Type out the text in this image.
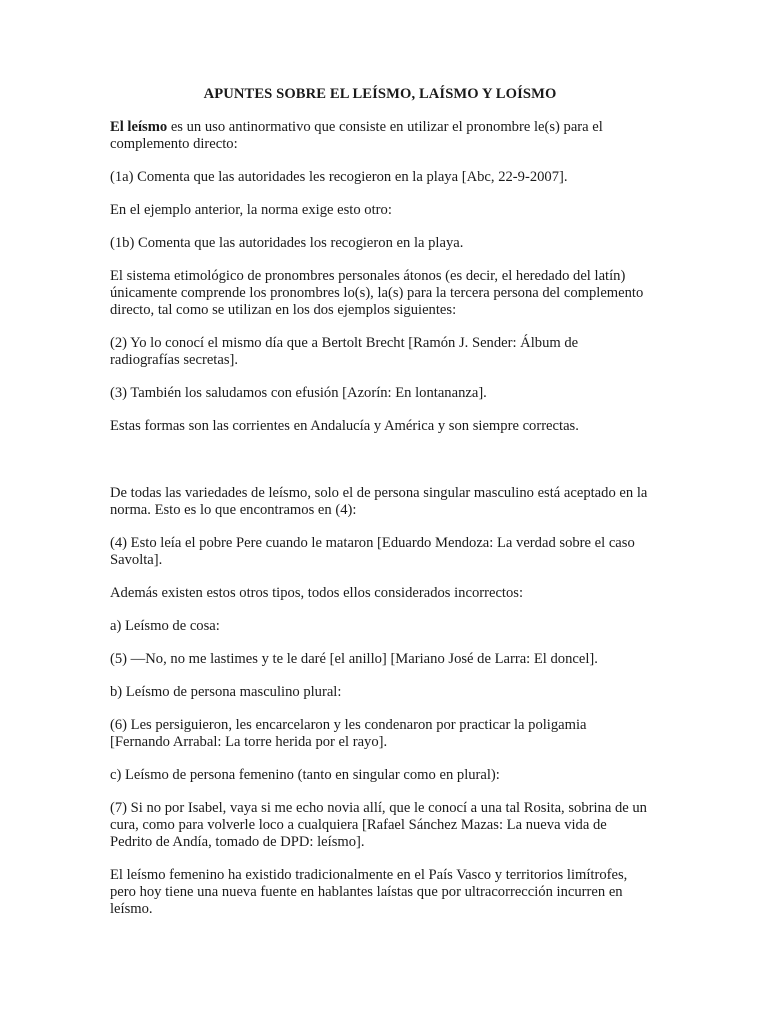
APUNTES SOBRE EL LEÍSMO, LAÍSMO Y LOÍSMO
El leísmo es un uso antinormativo que consiste en utilizar el pronombre le(s) para el complemento directo:
(1a) Comenta que las autoridades les recogieron en la playa [Abc, 22-9-2007].
En el ejemplo anterior, la norma exige esto otro:
(1b) Comenta que las autoridades los recogieron en la playa.
El sistema etimológico de pronombres personales átonos (es decir, el heredado del latín) únicamente comprende los pronombres lo(s), la(s) para la tercera persona del complemento directo, tal como se utilizan en los dos ejemplos siguientes:
(2) Yo lo conocí el mismo día que a Bertolt Brecht [Ramón J. Sender: Álbum de radiografías secretas].
(3) También los saludamos con efusión [Azorín: En lontananza].
Estas formas son las corrientes en Andalucía y América y son siempre correctas.
De todas las variedades de leísmo, solo el de persona singular masculino está aceptado en la norma. Esto es lo que encontramos en (4):
(4) Esto leía el pobre Pere cuando le mataron [Eduardo Mendoza: La verdad sobre el caso Savolta].
Además existen estos otros tipos, todos ellos considerados incorrectos:
a) Leísmo de cosa:
(5) —No, no me lastimes y te le daré [el anillo] [Mariano José de Larra: El doncel].
b) Leísmo de persona masculino plural:
(6) Les persiguieron, les encarcelaron y les condenaron por practicar la poligamia [Fernando Arrabal: La torre herida por el rayo].
c) Leísmo de persona femenino (tanto en singular como en plural):
(7) Si no por Isabel, vaya si me echo novia allí, que le conocí a una tal Rosita, sobrina de un cura, como para volverle loco a cualquiera [Rafael Sánchez Mazas: La nueva vida de Pedrito de Andía, tomado de DPD: leísmo].
El leísmo femenino ha existido tradicionalmente en el País Vasco y territorios limítrofes, pero hoy tiene una nueva fuente en hablantes laístas que por ultracorrección incurren en leísmo.
